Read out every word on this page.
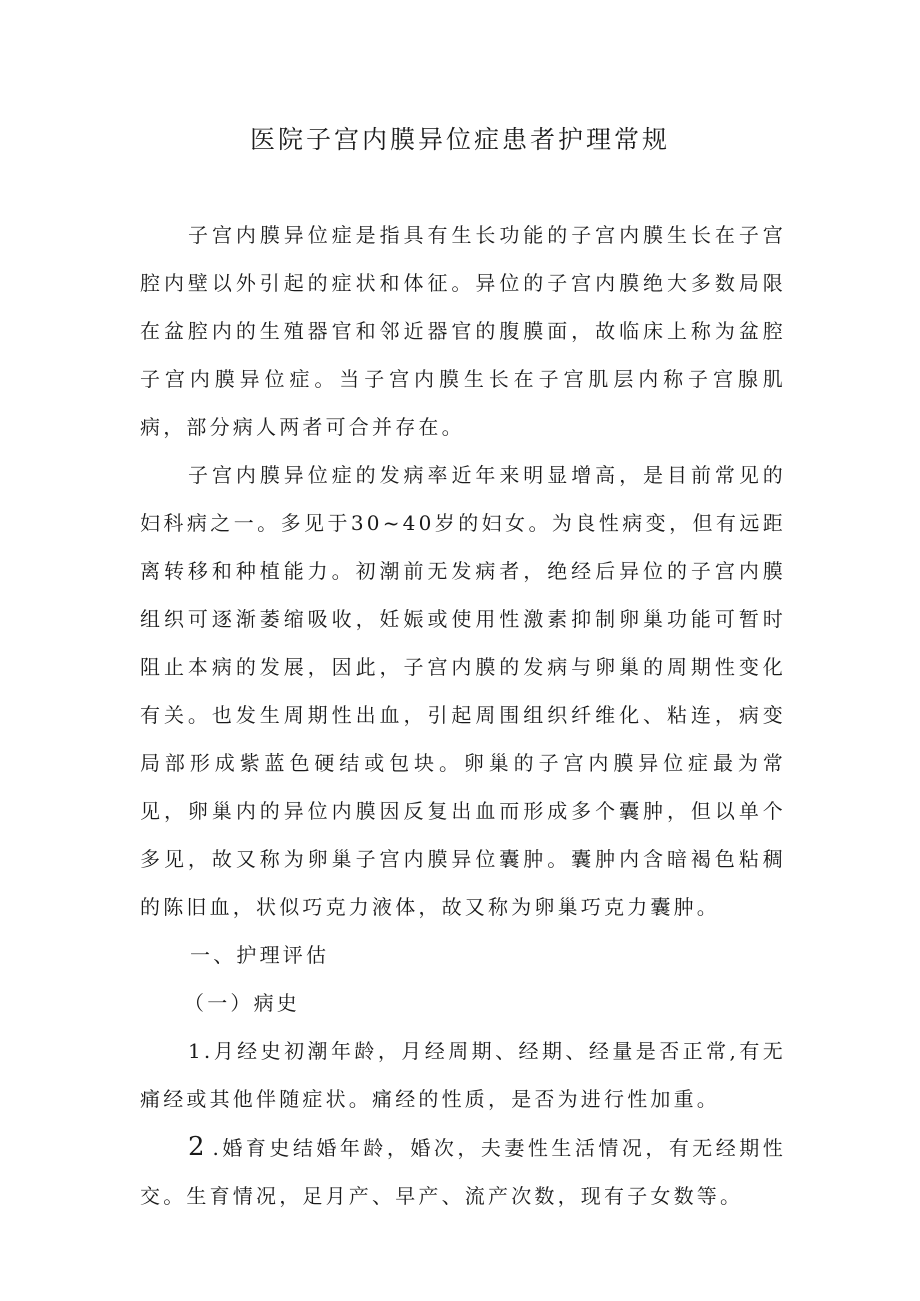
医院子宫内膜异位症患者护理常规

子宫内膜异位症是指具有生长功能的子宫内膜生长在子宫腔内壁以外引起的症状和体征。异位的子宫内膜绝大多数局限在盆腔内的生殖器官和邻近器官的腹膜面，故临床上称为盆腔子宫内膜异位症。当子宫内膜生长在子宫肌层内称子宫腺肌病，部分病人两者可合并存在。

子宫内膜异位症的发病率近年来明显增高，是目前常见的妇科病之一。多见于30~40岁的妇女。为良性病变，但有远距离转移和种植能力。初潮前无发病者，绝经后异位的子宫内膜组织可逐渐萎缩吸收，妊娠或使用性激素抑制卵巢功能可暂时阻止本病的发展，因此，子宫内膜的发病与卵巢的周期性变化有关。也发生周期性出血，引起周围组织纤维化、粘连，病变局部形成紫蓝色硬结或包块。卵巢的子宫内膜异位症最为常见，卵巢内的异位内膜因反复出血而形成多个囊肿，但以单个多见，故又称为卵巢子宫内膜异位囊肿。囊肿内含暗褐色粘稠的陈旧血，状似巧克力液体，故又称为卵巢巧克力囊肿。

一、护理评估

（一）病史

1.月经史初潮年龄，月经周期、经期、经量是否正常,有无痛经或其他伴随症状。痛经的性质，是否为进行性加重。

2 .婚育史结婚年龄，婚次，夫妻性生活情况，有无经期性交。生育情况，足月产、早产、流产次数，现有子女数等。
